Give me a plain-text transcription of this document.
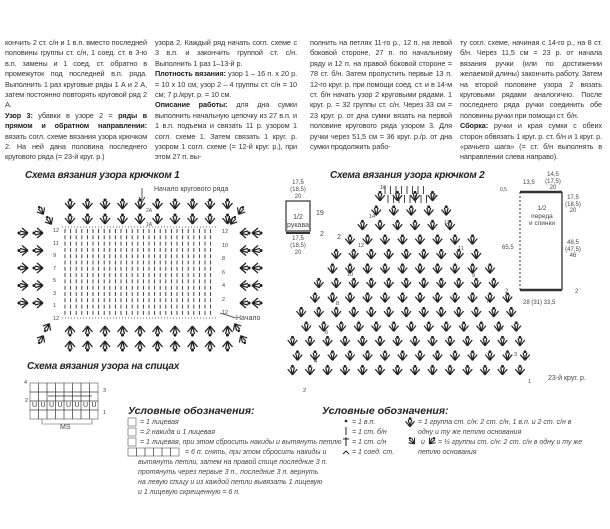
кончить 2 ст. с/н и 1 в.п. вместо последней половины группы ст. с/н, 1 соед. ст. в 3-ю в.п. замены и 1 соед. ст. обратно в промежуток под последней в.п. ряда. Выполнить 1 раз круговые ряды 1 А и 2 А, затем постоянно повторять круговой ряд 2 А.

Узор 3: убавки в узоре 2 = ряды в прямом и обратном направлении: вязать согл. схеме вязания узора крючком 2. На ней дана половина последнего кругового ряда (= 23-й круг. р.)

узора 2. Каждый ряд начать согл. схеме с 3 в.п. и закончить группой ст. с/н. Выполнить 1 раз 1–13-й р.

Плотность вязания: узор 1 – 16 п. х 20 р. = 10 х 10 см; узор 2 – 4 группы ст. с/н = 10 см; 7 р./круг. р. = 10 см.

Описание работы: для дна сумки выполнить начальную цепочку из 27 в.п. и 1 в.п. подъема и связать 11 р. узором 1 согл. схеме 1. Затем связать 1 круг. р. узором 1 согл. схеме (= 12-й круг. р.), при этом 27 п. вы-

полнить на петлях 11-го р., 12 п. на левой боковой стороне, 27 п. по начальному ряду и 12 п. на правой боковой стороне = 78 ст. б/н. Затем пропустить первые 13 п. 12-го круг. р. при помощи соед. ст. и в 14-м ст. б/н начать узор 2 круговыми рядами. 1 круг. р. = 32 группы ст. с/н. Через 33 см = 23 круг. р. от дна сумки вязать на первой половине кругового ряда узором 3. Для ручки через 51,5 см = 36 круг. р./р. от дна сумки продолжить рабо-

ту согл. схеме, начиная с 14-го р., на 8 ст. б/н. Через 11,5 см = 23 р. от начала вязания ручки (или по достижении желаемой длины) закончить работу. Затем на второй половине узора 2 вязать круговыми рядами аналогично. После последнего ряда ручки соединить обе половины ручки при помощи ст. б/н.

Сборка: ручки и края сумки с обеих сторон обвязать 1 круг. р. ст. б/н и 1 круг. р. «рачьего шага» (= ст. б/н выполнять в направлении слева направо).

U U U U U U U U
Схема вязания узора крючком 1	Схема вязания узора крючком 2
Схема вязания узора на спицах
Начало кругового ряда
Начало
2A
1A
23-й круг. р.
MS
17,5
(18,5)
20
1/2
рукава
19
2 2
17,5
(18,5)
20
13,5
14,5
(17,5)
20
0,5
1/2
переда
и спинки
17,5
(18,5)
20
65,5
48,5
(47,5)
46
2	2
28 (31) 33,5
Условные обозначения:
= 1 лицевая
= 2 накида и 1 лицевая
= 1 лицевая, при этом сбросить накиды и вытянуть петлю
= 6 п. снять, при этом сбросить накиды и
вытянуть петли, затем на правой спице последние 3 п.
протянуть через первые 3 п., последние 3 п. вернуть
на левую спицу и из каждой петли вывязать 1 лицевую
и 1 лицевую скрещенную = 6 п.
Условные обозначения:
= 1 в.п.
= 1 ст. б/н
= 1 ст. с/н
= 1 соед. ст.
= 1 группа ст. с/н: 2 ст. с/н, 1 в.п. и 2 ст. с/н в
одну и ту же петлю основания
и = ½ группы ст. с/н: 2 ст. с/н в одну и ту же
петлю основания
12
11
9
7
5
3
1
12
12
10
8
6
4
2
12
16
14
12
10
8
6
4
2
15
13
11
9
7
5
3
1
4
3
2
1
